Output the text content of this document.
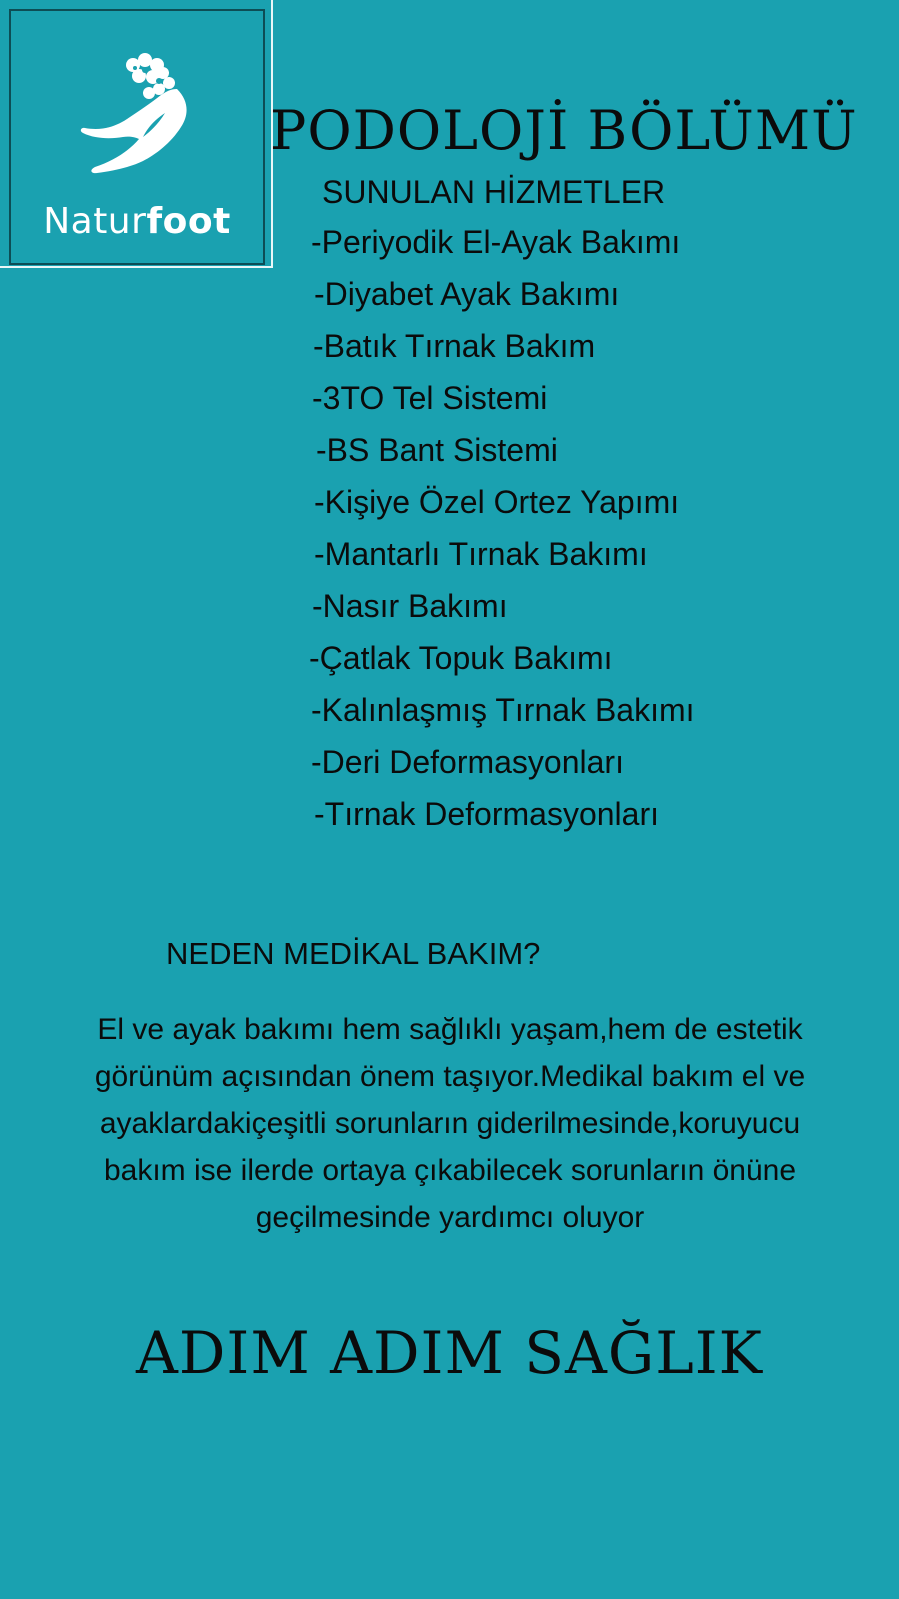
Naturfoot
PODOLOJİ BÖLÜMÜ
SUNULAN HİZMETLER
-Periyodik El-Ayak Bakımı
-Diyabet Ayak Bakımı
-Batık Tırnak Bakım
-3TO Tel Sistemi
-BS Bant Sistemi
-Kişiye Özel Ortez Yapımı
-Mantarlı Tırnak Bakımı
-Nasır Bakımı
-Çatlak Topuk Bakımı
-Kalınlaşmış Tırnak Bakımı
-Deri Deformasyonları
-Tırnak Deformasyonları
NEDEN MEDİKAL BAKIM?

El ve ayak bakımı hem sağlıklı yaşam,hem de estetik
görünüm açısından önem taşıyor.Medikal bakım el ve
ayaklardakiçeşitli sorunların giderilmesinde,koruyucu
bakım ise ilerde ortaya çıkabilecek sorunların önüne
geçilmesinde yardımcı oluyor

ADIM ADIM SAĞLIK
